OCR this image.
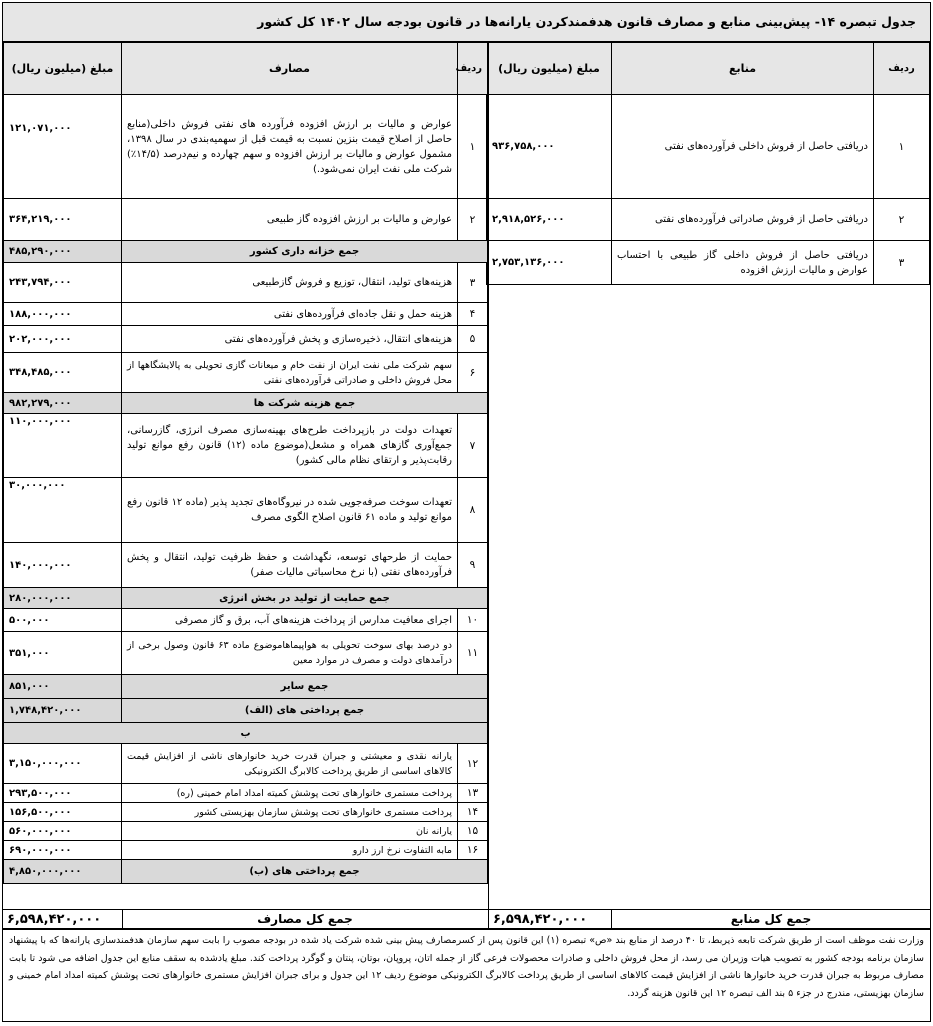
جدول تبصره ۱۴- پیش‌بینی منابع و مصارف قانون هدفمندکردن یارانه‌ها در قانون بودجه سال ۱۴۰۲ کل کشور
ردیف	منابع	مبلغ (میلیون ریال)
۱	دریافتی حاصل از فروش داخلی فرآورده‌های نفتی	۹۳۶,۷۵۸,۰۰۰
۲	دریافتی حاصل از فروش صادراتی فرآورده‌های نفتی	۲,۹۱۸,۵۲۶,۰۰۰
۳	دریافتی حاصل از فروش داخلی گاز طبیعی با احتساب عوارض و مالیات ارزش افزوده	۲,۷۵۳,۱۳۶,۰۰۰
ردیف	مصارف	مبلغ (میلیون ریال)
۱	عوارض و مالیات بر ارزش افزوده فرآورده های نفتی فروش داخلی(منابع حاصل از اصلاح قیمت بنزین نسبت به قیمت قبل از سهمیه‌بندی در سال ۱۳۹۸، مشمول عوارض و مالیات بر ارزش افزوده و سهم چهارده و نیم‌درصد (۱۴/۵٪) شرکت ملی نفت ایران نمی‌شود.)	۱۲۱,۰۷۱,۰۰۰
۲	عوارض و مالیات بر ارزش افزوده گاز طبیعی	۳۶۴,۲۱۹,۰۰۰
جمع خزانه داری کشور		۴۸۵,۲۹۰,۰۰۰
۳	هزینه‌های تولید، انتقال، توزیع و فروش گازطبیعی	۲۴۳,۷۹۴,۰۰۰
۴	هزینه حمل و نقل جاده‌ای فرآورده‌های نفتی	۱۸۸,۰۰۰,۰۰۰
۵	هزینه‌های انتقال، ذخیره‌سازی و پخش فرآورده‌های نفتی	۲۰۲,۰۰۰,۰۰۰
۶	سهم شرکت ملی نفت ایران از نفت خام و میعانات گازی تحویلی به پالایشگاهها از محل فروش داخلی و صادراتی فرآورده‌های نفتی	۳۴۸,۴۸۵,۰۰۰
جمع هزینه شرکت ها		۹۸۲,۲۷۹,۰۰۰
۷	تعهدات دولت در بازپرداخت طرح‌های بهینه‌سازی مصرف انرژی، گازرسانی، جمع‌آوری گازهای همراه و مشعل(موضوع ماده (۱۲) قانون رفع موانع تولید رقابت‌پذیر و ارتقای نظام مالی کشور)	۱۱۰,۰۰۰,۰۰۰
۸	تعهدات سوخت صرفه‌جویی شده در نیروگاه‌های تجدید پذیر (ماده ۱۲ قانون رفع موانع تولید و ماده ۶۱ قانون اصلاح الگوی مصرف	۳۰,۰۰۰,۰۰۰
۹	حمایت از طرحهای توسعه، نگهداشت و حفظ ظرفیت تولید، انتقال و پخش فرآورده‌های نفتی (با نرخ محاسباتی مالیات صفر)	۱۴۰,۰۰۰,۰۰۰
جمع حمایت از تولید در بخش انرژی		۲۸۰,۰۰۰,۰۰۰
۱۰	اجرای معافیت مدارس از پرداخت هزینه‌های آب، برق و گاز مصرفی	۵۰۰,۰۰۰
۱۱	دو درصد بهای سوخت تحویلی به هواپیماهاموضوع ماده ۶۳ قانون وصول برخی از درآمدهای دولت و مصرف در موارد معین	۳۵۱,۰۰۰
جمع سایر		۸۵۱,۰۰۰
جمع پرداختی های (الف)		۱,۷۴۸,۴۲۰,۰۰۰
ب		
۱۲	یارانه نقدی و معیشتی و جبران قدرت خرید خانوارهای ناشی از افزایش قیمت کالاهای اساسی از طریق پرداخت کالابرگ الکترونیکی	۳,۱۵۰,۰۰۰,۰۰۰
۱۳	پرداخت مستمری خانوارهای تحت پوشش کمیته امداد امام خمینی (ره)	۲۹۳,۵۰۰,۰۰۰
۱۴	پرداخت مستمری خانوارهای تحت پوشش سازمان بهزیستی کشور	۱۵۶,۵۰۰,۰۰۰
۱۵	یارانه نان	۵۶۰,۰۰۰,۰۰۰
۱۶	مابه التفاوت نرخ ارز دارو	۶۹۰,۰۰۰,۰۰۰
جمع پرداختی های (ب)		۴,۸۵۰,۰۰۰,۰۰۰
جمع کل منابع
۶,۵۹۸,۴۲۰,۰۰۰
جمع کل مصارف
۶,۵۹۸,۴۲۰,۰۰۰
وزارت نفت موظف است از طریق شرکت تابعه ذیربط، تا ۴۰ درصد از منابع بند «ص» تبصره (۱) این قانون پس از کسرمصارف پیش بینی شده شرکت یاد شده در بودجه مصوب را بابت سهم سازمان هدفمندسازی یارانه‌ها که با پیشنهاد سازمان برنامه بودجه کشور به تصویب هیات وزیران می رسد، از محل فروش داخلی و صادرات محصولات فرعی گاز از جمله اتان، پروپان، بوتان، پنتان و گوگرد پرداخت کند. مبلغ یادشده به سقف منابع این جدول اضافه می شود تا بابت مصارف مربوط به جبران قدرت خرید خانوارها ناشی از افزایش قیمت کالاهای اساسی از طریق پرداخت کالابرگ الکترونیکی موضوع ردیف ۱۲ این جدول و برای جبران افزایش مستمری خانوارهای تحت پوشش کمیته امداد امام خمینی و سازمان بهزیستی، مندرج در جزء ۵ بند الف تبصره ۱۲ این قانون هزینه گردد.
